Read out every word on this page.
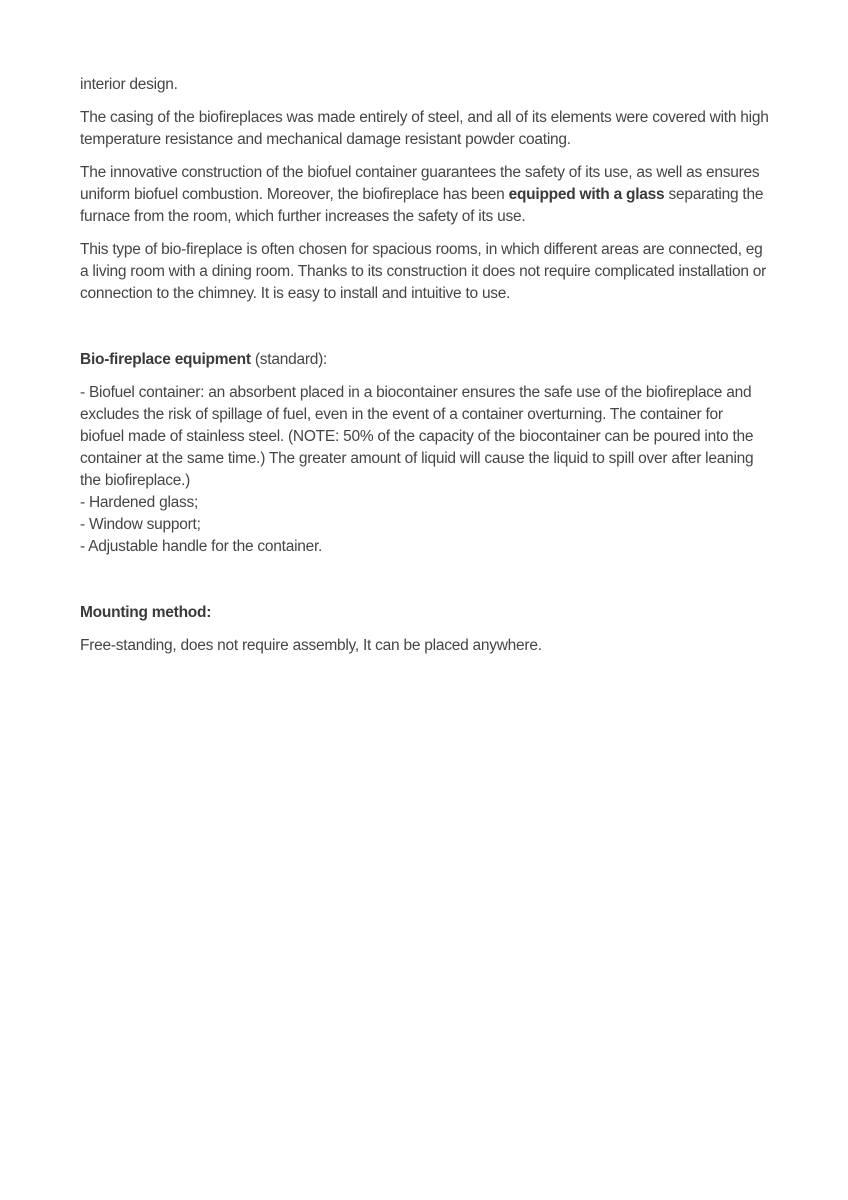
interior design.

The casing of the biofireplaces was made entirely of steel, and all of its elements were covered with high temperature resistance and mechanical damage resistant powder coating.

The innovative construction of the biofuel container guarantees the safety of its use, as well as ensures uniform biofuel combustion. Moreover, the biofireplace has been equipped with a glass separating the furnace from the room, which further increases the safety of its use.

This type of bio-fireplace is often chosen for spacious rooms, in which different areas are connected, eg a living room with a dining room. Thanks to its construction it does not require complicated installation or connection to the chimney. It is easy to install and intuitive to use.

Bio-fireplace equipment (standard):

- Biofuel container: an absorbent placed in a biocontainer ensures the safe use of the biofireplace and excludes the risk of spillage of fuel, even in the event of a container overturning. The container for biofuel made of stainless steel. (NOTE: 50% of the capacity of the biocontainer can be poured into the container at the same time.) The greater amount of liquid will cause the liquid to spill over after leaning the biofireplace.)
- Hardened glass;
- Window support;
- Adjustable handle for the container.

Mounting method:

Free-standing, does not require assembly, It can be placed anywhere.
